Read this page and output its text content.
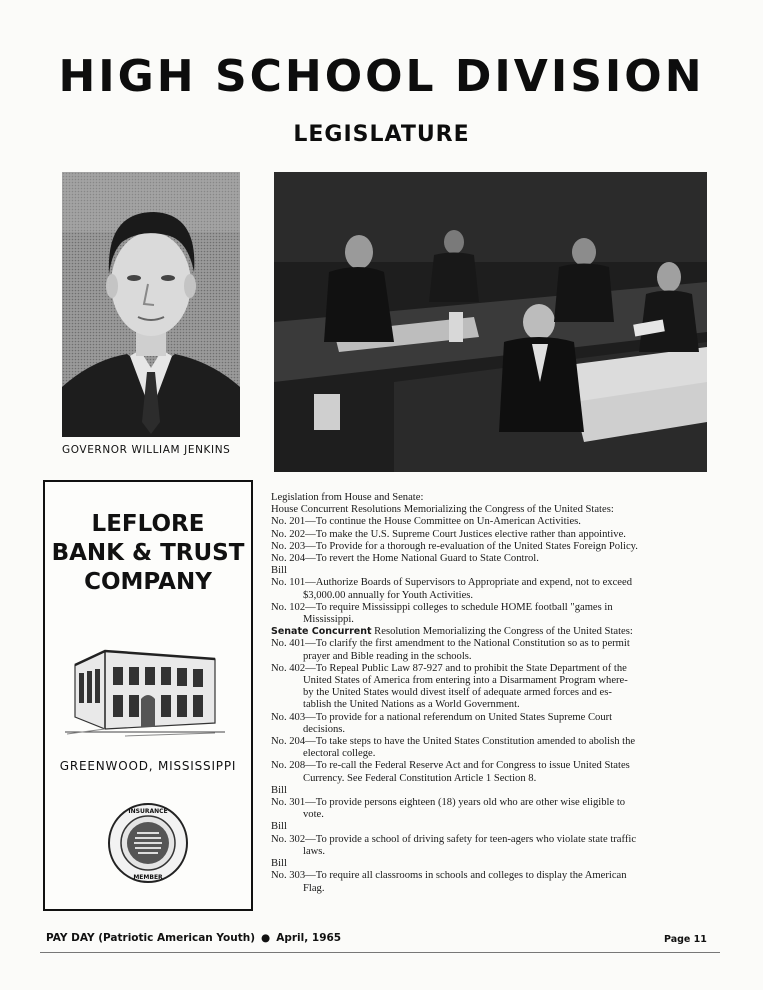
HIGH SCHOOL DIVISION
LEGISLATURE
GOVERNOR WILLIAM JENKINS
LEFLORE
BANK & TRUST
COMPANY
GREENWOOD, MISSISSIPPI
INSURANCE
MEMBER
Legislation from House and Senate:
House Concurrent Resolutions Memorializing the Congress of the United States:
No. 201—To continue the House Committee on Un-American Activities.
No. 202—To make the U.S. Supreme Court Justices elective rather than appointive.
No. 203—To Provide for a thorough re-evaluation of the United States Foreign Policy.
No. 204—To revert the Home National Guard to State Control.
Bill
No. 101—Authorize Boards of Supervisors to Appropriate and expend, not to exceed
$3,000.00 annually for Youth Activities.
No. 102—To require Mississippi colleges to schedule HOME football "games in
Mississippi.
Senate Concurrent Resolution Memorializing the Congress of the United States:
No. 401—To clarify the first amendment to the National Constitution so as to permit
prayer and Bible reading in the schools.
No. 402—To Repeal Public Law 87-927 and to prohibit the State Department of the
United States of America from entering into a Disarmament Program where-
by the United States would divest itself of adequate armed forces and es-
tablish the United Nations as a World Government.
No. 403—To provide for a national referendum on United States Supreme Court
decisions.
No. 204—To take steps to have the United States Constitution amended to abolish the
electoral college.
No. 208—To re-call the Federal Reserve Act and for Congress to issue United States
Currency. See Federal Constitution Article 1 Section 8.
Bill
No. 301—To provide persons eighteen (18) years old who are other wise eligible to
vote.
Bill
No. 302—To provide a school of driving safety for teen-agers who violate state traffic
laws.
Bill
No. 303—To require all classrooms in schools and colleges to display the American
Flag.
PAY DAY (Patriotic American Youth) ● April, 1965	Page 11
